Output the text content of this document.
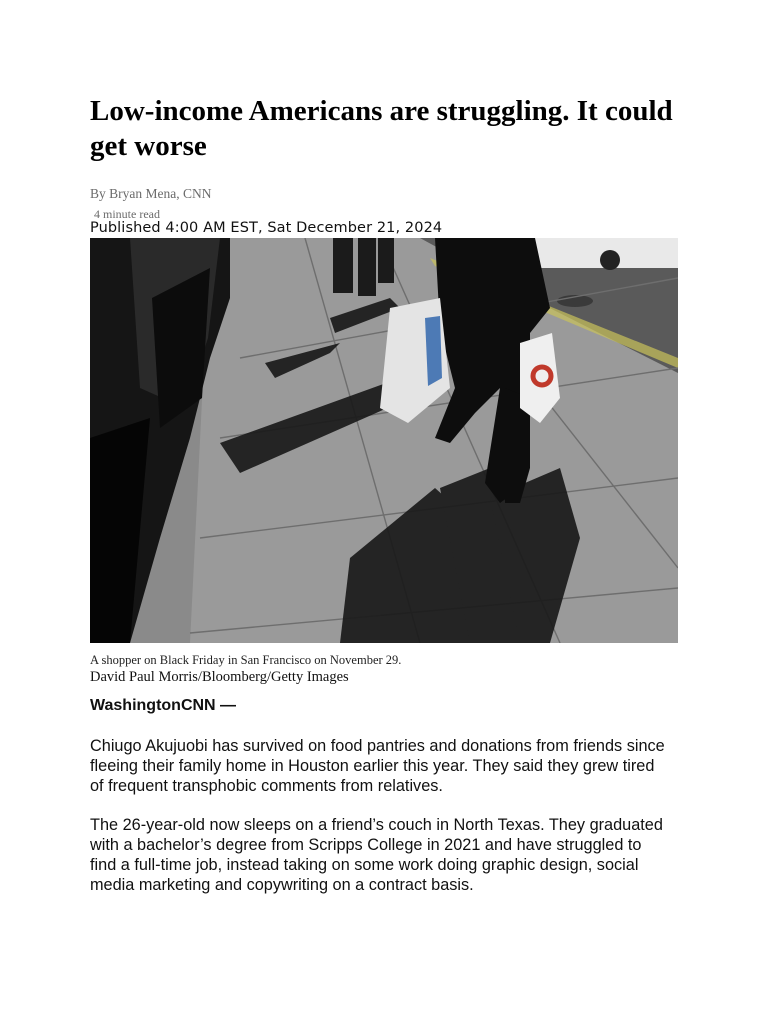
Low-income Americans are struggling. It could get worse

By Bryan Mena, CNN

4 minute read

Published 4:00 AM EST, Sat December 21, 2024

A shopper on Black Friday in San Francisco on November 29.

David Paul Morris/Bloomberg/Getty Images

WashingtonCNN —

Chiugo Akujuobi has survived on food pantries and donations from friends since fleeing their family home in Houston earlier this year. They said they grew tired of frequent transphobic comments from relatives.

The 26-year-old now sleeps on a friend’s couch in North Texas. They graduated with a bachelor’s degree from Scripps College in 2021 and have struggled to find a full-time job, instead taking on some work doing graphic design, social media marketing and copywriting on a contract basis.
